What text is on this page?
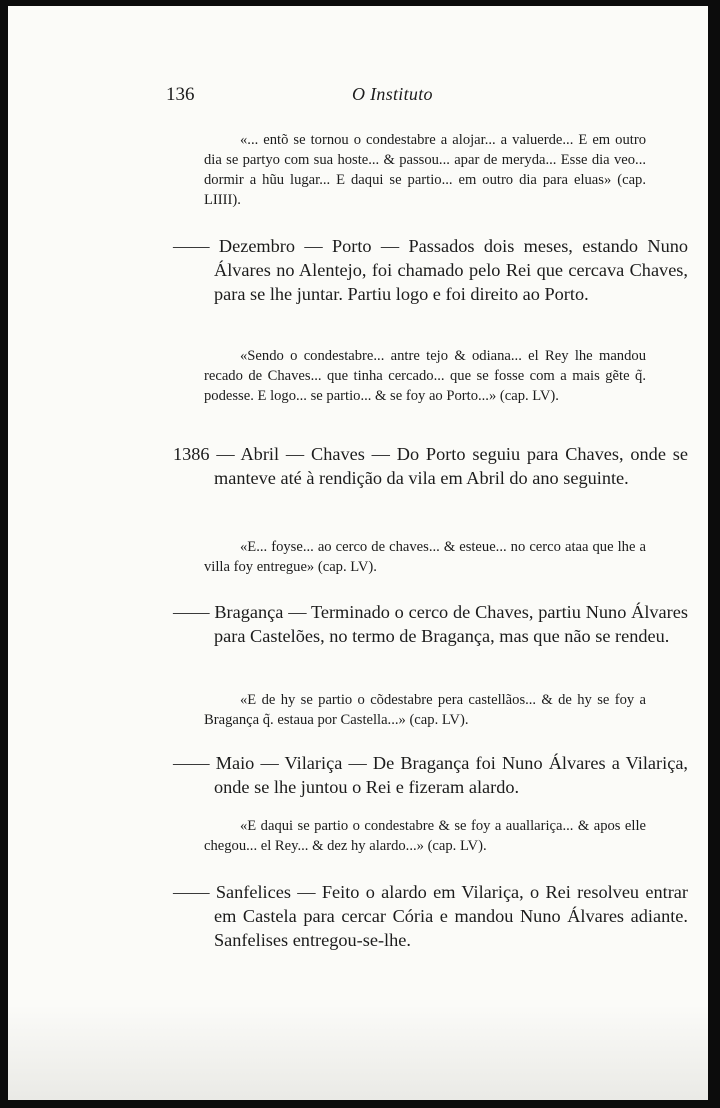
136	O Instituto
«... entõ se tornou o condestabre a alojar... a valuerde... E em outro dia se partyo com sua hoste... & passou... apar de meryda... Esse dia veo... dormir a hũu lugar... E daqui se partio... em outro dia para eluas» (cap. LIIII).
—— Dezembro — Porto — Passados dois meses, estando Nuno Álvares no Alentejo, foi chamado pelo Rei que cercava Chaves, para se lhe juntar. Partiu logo e foi direito ao Porto.
«Sendo o condestabre... antre tejo & odiana... el Rey lhe mandou recado de Chaves... que tinha cercado... que se fosse com a mais gẽte q̃. podesse. E logo... se partio... & se foy ao Porto...» (cap. LV).
1386 — Abril — Chaves — Do Porto seguiu para Chaves, onde se manteve até à rendição da vila em Abril do ano seguinte.
«E... foyse... ao cerco de chaves... & esteue... no cerco ataa que lhe a villa foy entregue» (cap. LV).
—— Bragança — Terminado o cerco de Chaves, partiu Nuno Álvares para Castelões, no termo de Bragança, mas que não se rendeu.
«E de hy se partio o cõdestabre pera castellãos... & de hy se foy a Bragança q̃. estaua por Castella...» (cap. LV).
—— Maio — Vilariça — De Bragança foi Nuno Álvares a Vilariça, onde se lhe juntou o Rei e fizeram alardo.
«E daqui se partio o condestabre & se foy a auallariça... & apos elle chegou... el Rey... & dez hy alardo...» (cap. LV).
—— Sanfelices — Feito o alardo em Vilariça, o Rei resolveu entrar em Castela para cercar Cória e mandou Nuno Álvares adiante. Sanfelises entregou-se-lhe.
